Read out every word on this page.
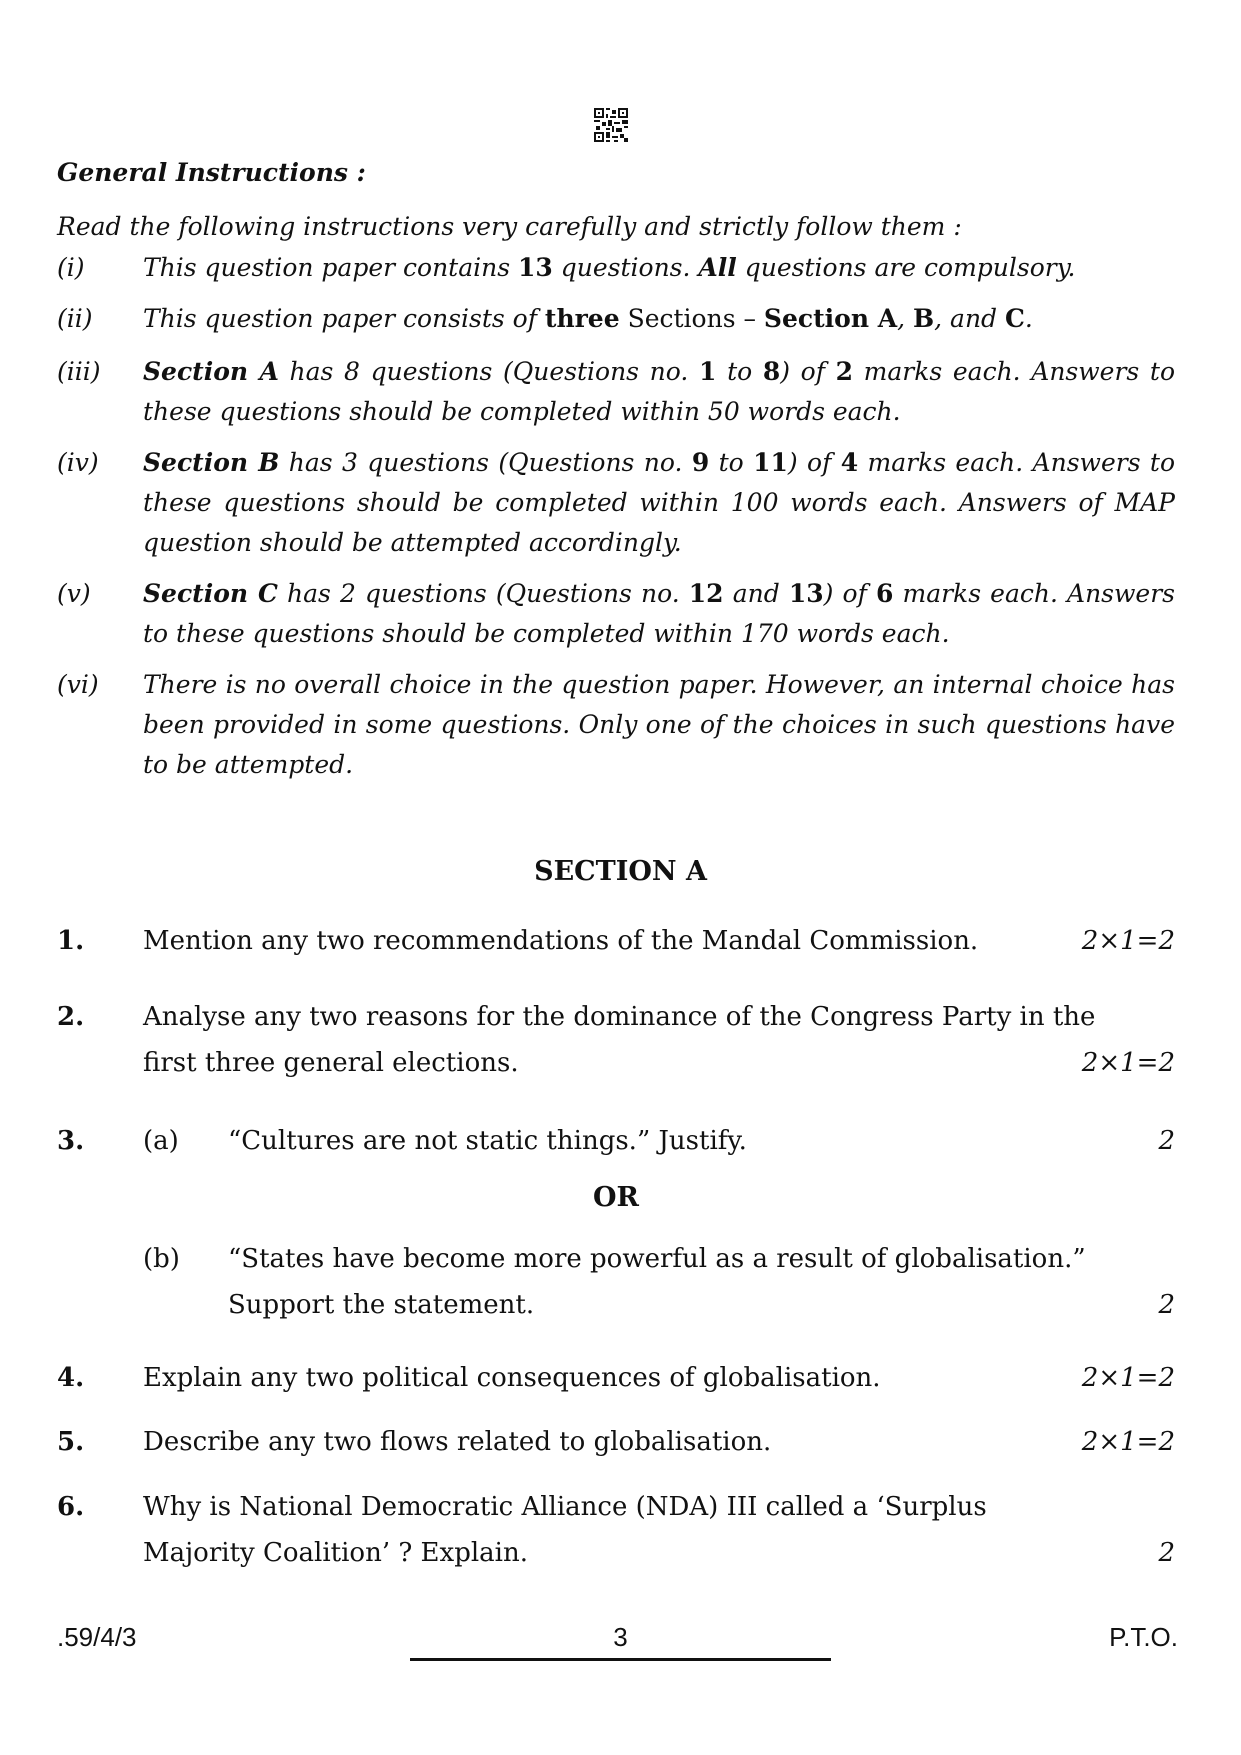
General Instructions :
Read the following instructions very carefully and strictly follow them :
(i) This question paper contains 13 questions. All questions are compulsory.
(ii) This question paper consists of three Sections – Section A, B, and C.
(iii) Section A has 8 questions (Questions no. 1 to 8) of 2 marks each. Answers to these questions should be completed within 50 words each.
(iv) Section B has 3 questions (Questions no. 9 to 11) of 4 marks each. Answers to these questions should be completed within 100 words each. Answers of MAP question should be attempted accordingly.
(v) Section C has 2 questions (Questions no. 12 and 13) of 6 marks each. Answers to these questions should be completed within 170 words each.
(vi) There is no overall choice in the question paper. However, an internal choice has been provided in some questions. Only one of the choices in such questions have to be attempted.
SECTION A
1. Mention any two recommendations of the Mandal Commission.	2×1=2
2. Analyse any two reasons for the dominance of the Congress Party in the first three general elections.	2×1=2
3. (a) “Cultures are not static things.” Justify.	2
OR
(b) “States have become more powerful as a result of globalisation.” Support the statement.	2
4. Explain any two political consequences of globalisation.	2×1=2
5. Describe any two flows related to globalisation.	2×1=2
6. Why is National Democratic Alliance (NDA) III called a ‘Surplus Majority Coalition’ ? Explain.	2
.59/4/3	3	P.T.O.
